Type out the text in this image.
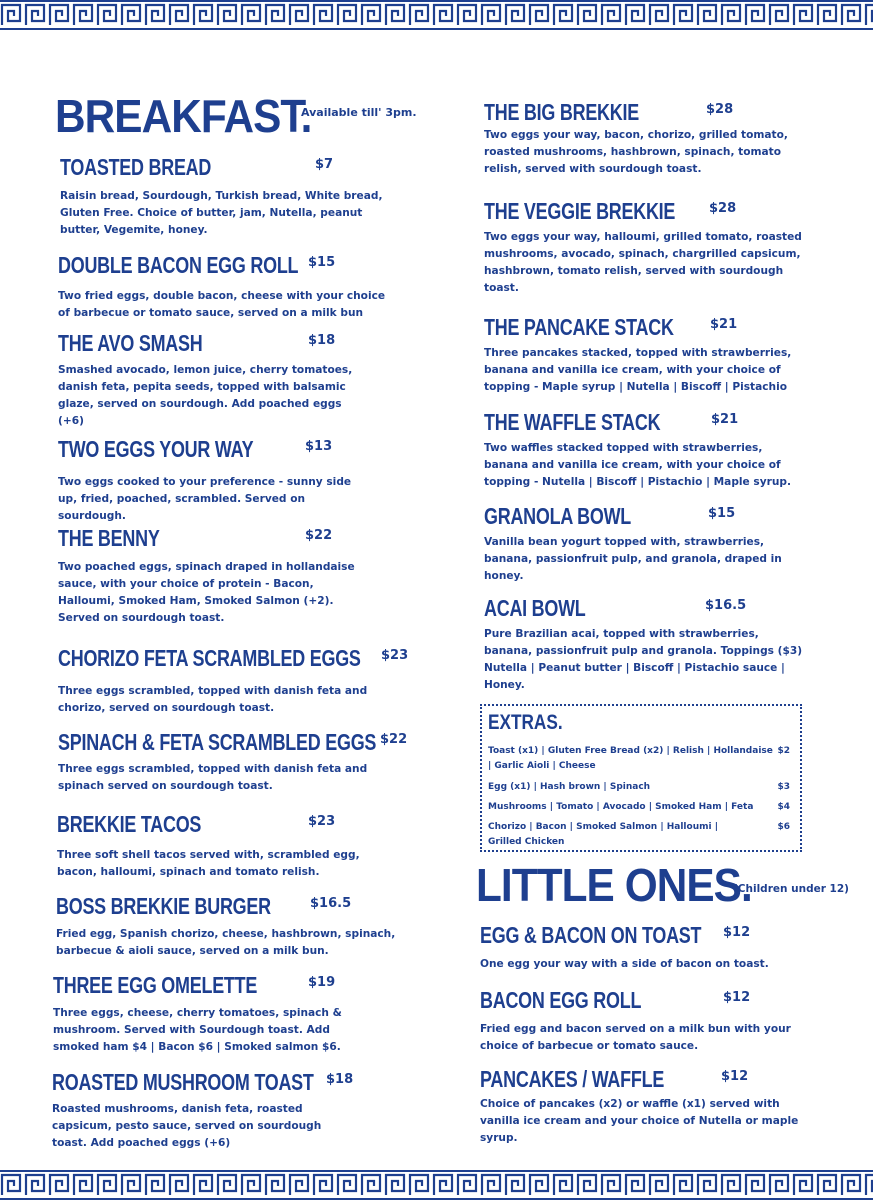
BREAKFAST.
Available till' 3pm.
TOASTED BREAD	$7

Raisin bread, Sourdough, Turkish bread, White bread, Gluten Free. Choice of butter, jam, Nutella, peanut butter, Vegemite, honey.

DOUBLE BACON EGG ROLL $15

Two fried eggs, double bacon, cheese with your choice of barbecue or tomato sauce, served on a milk bun

THE AVO SMASH	$18

Smashed avocado, lemon juice, cherry tomatoes, danish feta, pepita seeds, topped with balsamic glaze, served on sourdough. Add poached eggs (+6)

TWO EGGS YOUR WAY	$13

Two eggs cooked to your preference - sunny side up, fried, poached, scrambled. Served on sourdough.

THE BENNY	$22

Two poached eggs, spinach draped in hollandaise sauce, with your choice of protein - Bacon, Halloumi, Smoked Ham, Smoked Salmon (+2). Served on sourdough toast.

CHORIZO FETA SCRAMBLED EGGS $23

Three eggs scrambled, topped with danish feta and chorizo, served on sourdough toast.

SPINACH & FETA SCRAMBLED EGGS $22

Three eggs scrambled, topped with danish feta and spinach served on sourdough toast.

BREKKIE TACOS	$23

Three soft shell tacos served with, scrambled egg, bacon, halloumi, spinach and tomato relish.

BOSS BREKKIE BURGER	$16.5

Fried egg, Spanish chorizo, cheese, hashbrown, spinach, barbecue & aioli sauce, served on a milk bun.

THREE EGG OMELETTE	$19

Three eggs, cheese, cherry tomatoes, spinach & mushroom. Served with Sourdough toast. Add smoked ham $4 | Bacon $6 | Smoked salmon $6.

ROASTED MUSHROOM TOAST $18

Roasted mushrooms, danish feta, roasted capsicum, pesto sauce, served on sourdough toast. Add poached eggs (+6)

THE BIG BREKKIE	$28

Two eggs your way, bacon, chorizo, grilled tomato, roasted mushrooms, hashbrown, spinach, tomato relish, served with sourdough toast.

THE VEGGIE BREKKIE	$28

Two eggs your way, halloumi, grilled tomato, roasted mushrooms, avocado, spinach, chargrilled capsicum, hashbrown, tomato relish, served with sourdough toast.

THE PANCAKE STACK	$21

Three pancakes stacked, topped with strawberries, banana and vanilla ice cream, with your choice of topping - Maple syrup | Nutella | Biscoff | Pistachio

THE WAFFLE STACK	$21

Two waffles stacked topped with strawberries, banana and vanilla ice cream, with your choice of topping - Nutella | Biscoff | Pistachio | Maple syrup.

GRANOLA BOWL	$15

Vanilla bean yogurt topped with, strawberries, banana, passionfruit pulp, and granola, draped in honey.

ACAI BOWL	$16.5

Pure Brazilian acai, topped with strawberries, banana, passionfruit pulp and granola. Toppings ($3) Nutella | Peanut butter | Biscoff | Pistachio sauce | Honey.

EXTRAS.
Toast (x1) | Gluten Free Bread (x2) | Relish | Hollandaise | Garlic Aioli | Cheese
$2
Egg (x1) | Hash brown | Spinach	$3
Mushrooms | Tomato | Avocado | Smoked Ham | Feta	$4
Chorizo | Bacon | Smoked Salmon | Halloumi | Grilled Chicken
$6
LITTLE ONES.
(Children under 12)
EGG & BACON ON TOAST $12

One egg your way with a side of bacon on toast.

BACON EGG ROLL	$12

Fried egg and bacon served on a milk bun with your choice of barbecue or tomato sauce.

PANCAKES / WAFFLE	$12

Choice of pancakes (x2) or waffle (x1) served with vanilla ice cream and your choice of Nutella or maple syrup.
